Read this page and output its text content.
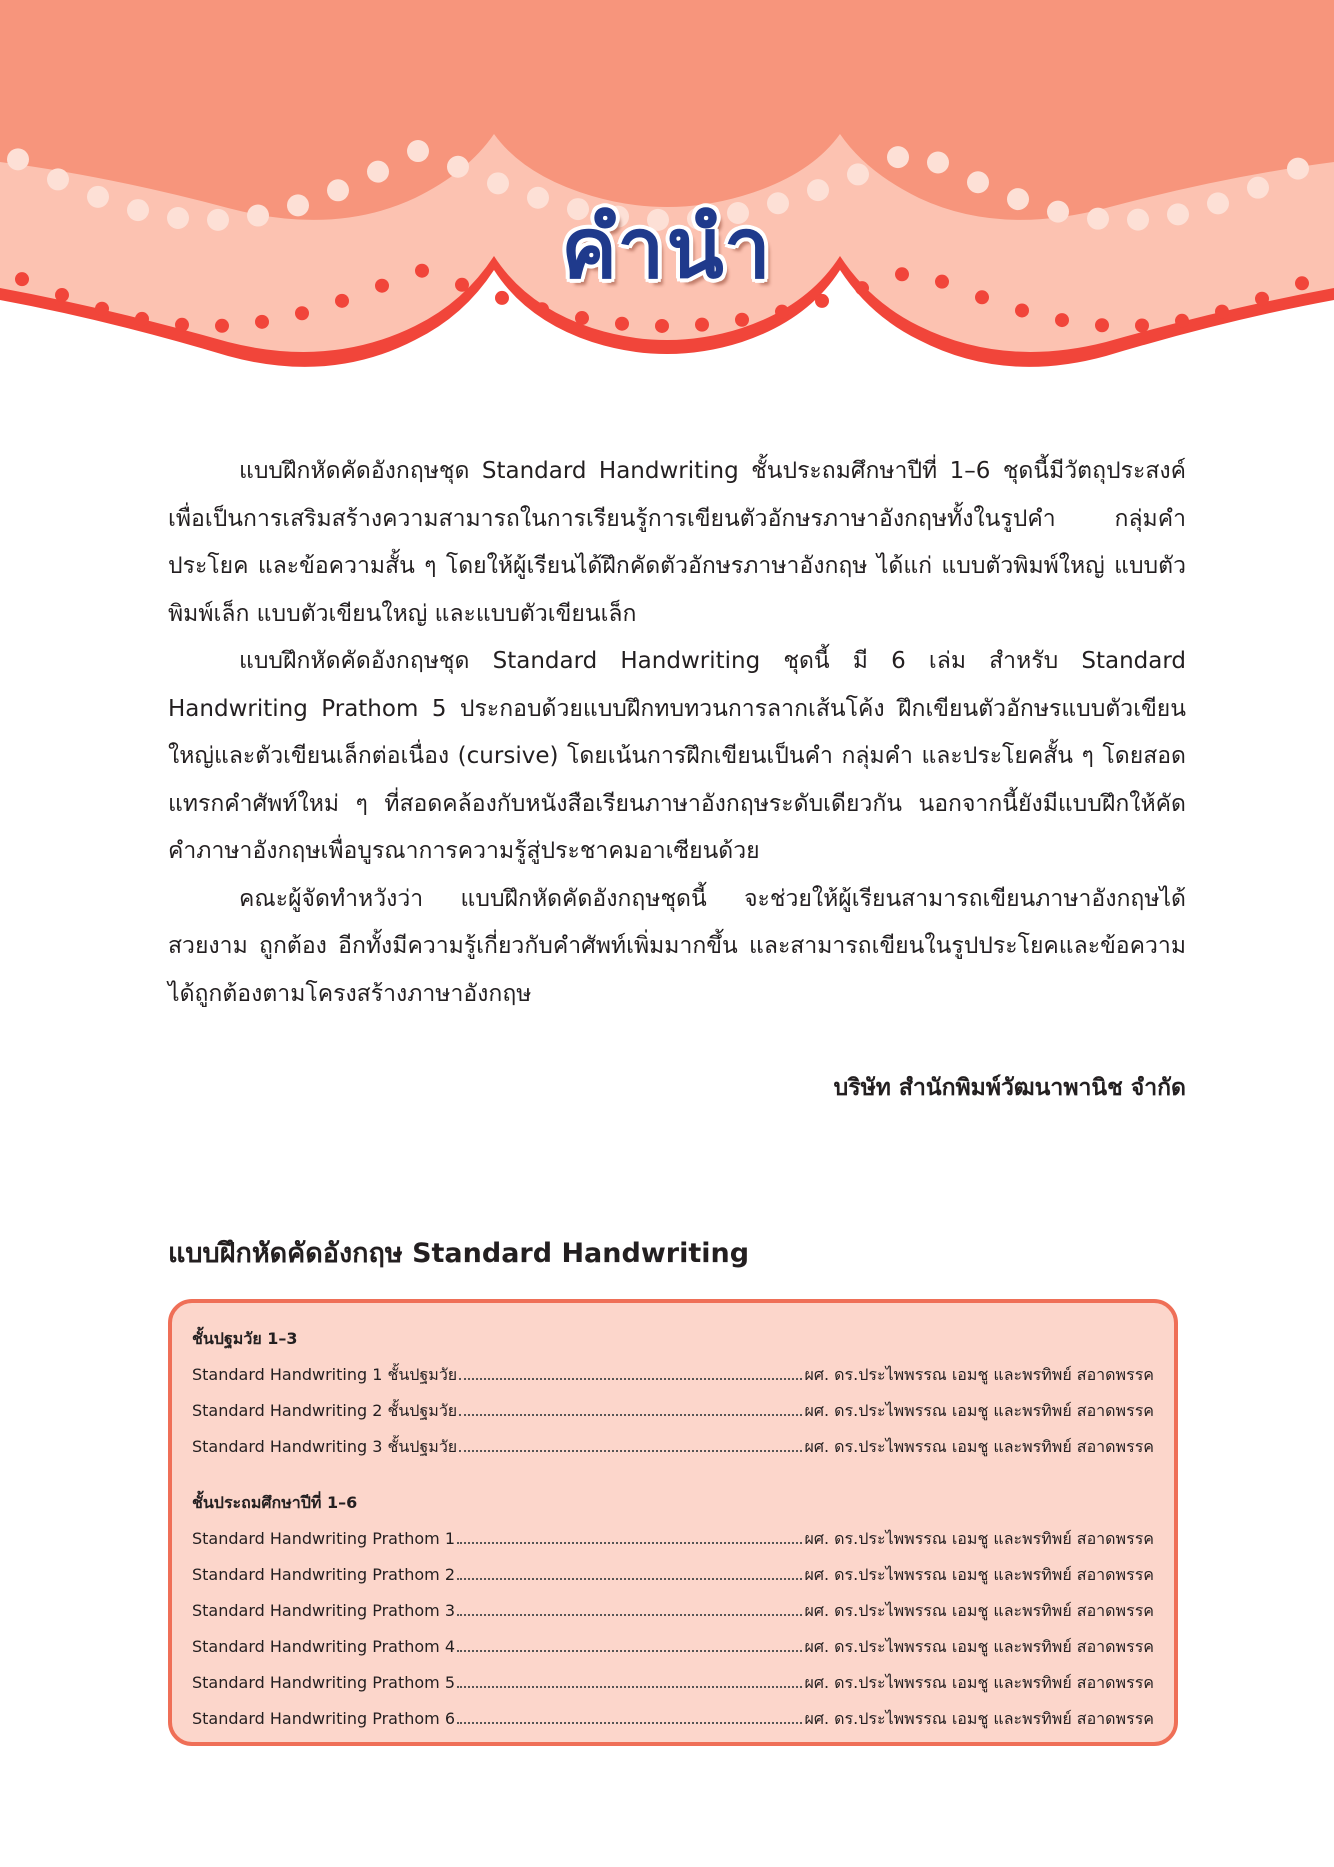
คำนำ

แบบฝึกหัดคัดอังกฤษชุด Standard Handwriting ชั้นประถมศึกษาปีที่ 1–6 ชุดนี้มีวัตถุประสงค์เพื่อเป็นการเสริมสร้างความสามารถในการเรียนรู้การเขียนตัวอักษรภาษาอังกฤษทั้งในรูปคำ กลุ่มคำ ประโยค และข้อความสั้น ๆ โดยให้ผู้เรียนได้ฝึกคัดตัวอักษรภาษาอังกฤษ ได้แก่ แบบตัวพิมพ์ใหญ่ แบบตัวพิมพ์เล็ก แบบตัวเขียนใหญ่ และแบบตัวเขียนเล็ก

แบบฝึกหัดคัดอังกฤษชุด Standard Handwriting ชุดนี้ มี 6 เล่ม สำหรับ Standard Handwriting Prathom 5 ประกอบด้วยแบบฝึกทบทวนการลากเส้นโค้ง ฝึกเขียนตัวอักษรแบบตัวเขียนใหญ่และตัวเขียนเล็กต่อเนื่อง (cursive) โดยเน้นการฝึกเขียนเป็นคำ กลุ่มคำ และประโยคสั้น ๆ โดยสอดแทรกคำศัพท์ใหม่ ๆ ที่สอดคล้องกับหนังสือเรียนภาษาอังกฤษระดับเดียวกัน นอกจากนี้ยังมีแบบฝึกให้คัดคำภาษาอังกฤษเพื่อบูรณาการความรู้สู่ประชาคมอาเซียนด้วย

คณะผู้จัดทำหวังว่า แบบฝึกหัดคัดอังกฤษชุดนี้ จะช่วยให้ผู้เรียนสามารถเขียนภาษาอังกฤษได้สวยงาม ถูกต้อง อีกทั้งมีความรู้เกี่ยวกับคำศัพท์เพิ่มมากขึ้น และสามารถเขียนในรูปประโยคและข้อความได้ถูกต้องตามโครงสร้างภาษาอังกฤษ

บริษัท สำนักพิมพ์วัฒนาพานิช จำกัด
แบบฝึกหัดคัดอังกฤษ Standard Handwriting
ชั้นปฐมวัย 1–3
Standard Handwriting 1 ชั้นปฐมวัย	ผศ. ดร.ประไพพรรณ เอมชู และพรทิพย์ สอาดพรรค
Standard Handwriting 2 ชั้นปฐมวัย	ผศ. ดร.ประไพพรรณ เอมชู และพรทิพย์ สอาดพรรค
Standard Handwriting 3 ชั้นปฐมวัย	ผศ. ดร.ประไพพรรณ เอมชู และพรทิพย์ สอาดพรรค
ชั้นประถมศึกษาปีที่ 1–6
Standard Handwriting Prathom 1	ผศ. ดร.ประไพพรรณ เอมชู และพรทิพย์ สอาดพรรค
Standard Handwriting Prathom 2	ผศ. ดร.ประไพพรรณ เอมชู และพรทิพย์ สอาดพรรค
Standard Handwriting Prathom 3	ผศ. ดร.ประไพพรรณ เอมชู และพรทิพย์ สอาดพรรค
Standard Handwriting Prathom 4	ผศ. ดร.ประไพพรรณ เอมชู และพรทิพย์ สอาดพรรค
Standard Handwriting Prathom 5	ผศ. ดร.ประไพพรรณ เอมชู และพรทิพย์ สอาดพรรค
Standard Handwriting Prathom 6	ผศ. ดร.ประไพพรรณ เอมชู และพรทิพย์ สอาดพรรค
